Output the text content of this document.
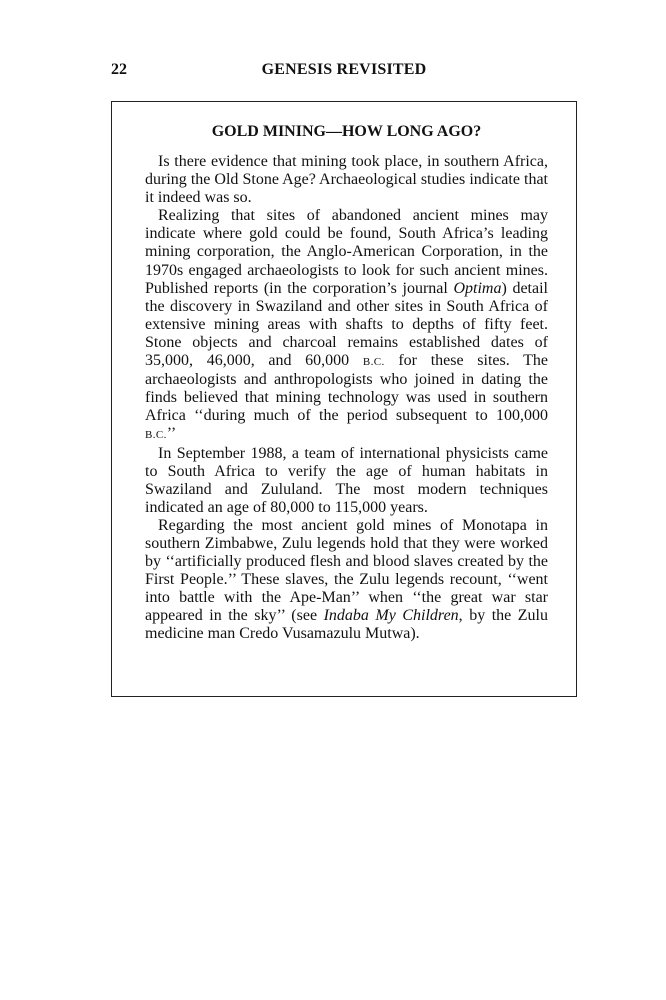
22	GENESIS REVISITED
GOLD MINING—HOW LONG AGO?

Is there evidence that mining took place, in southern Africa, during the Old Stone Age? Archaeological studies indicate that it indeed was so.

Realizing that sites of abandoned ancient mines may indicate where gold could be found, South Africa’s leading mining corporation, the Anglo-American Corporation, in the 1970s engaged archaeologists to look for such ancient mines. Published reports (in the corporation’s journal Optima) detail the discovery in Swaziland and other sites in South Africa of extensive mining areas with shafts to depths of fifty feet. Stone objects and charcoal remains established dates of 35,000, 46,000, and 60,000 B.C. for these sites. The archaeologists and anthropologists who joined in dating the finds believed that mining technology was used in southern Africa ‘‘during much of the period subsequent to 100,000 B.C.’’

In September 1988, a team of international physicists came to South Africa to verify the age of human habitats in Swaziland and Zululand. The most modern techniques indicated an age of 80,000 to 115,000 years.

Regarding the most ancient gold mines of Monotapa in southern Zimbabwe, Zulu legends hold that they were worked by ‘‘artificially produced flesh and blood slaves created by the First People.’’ These slaves, the Zulu legends recount, ‘‘went into battle with the Ape-Man’’ when ‘‘the great war star appeared in the sky’’ (see Indaba My Children, by the Zulu medicine man Credo Vusamazulu Mutwa).
